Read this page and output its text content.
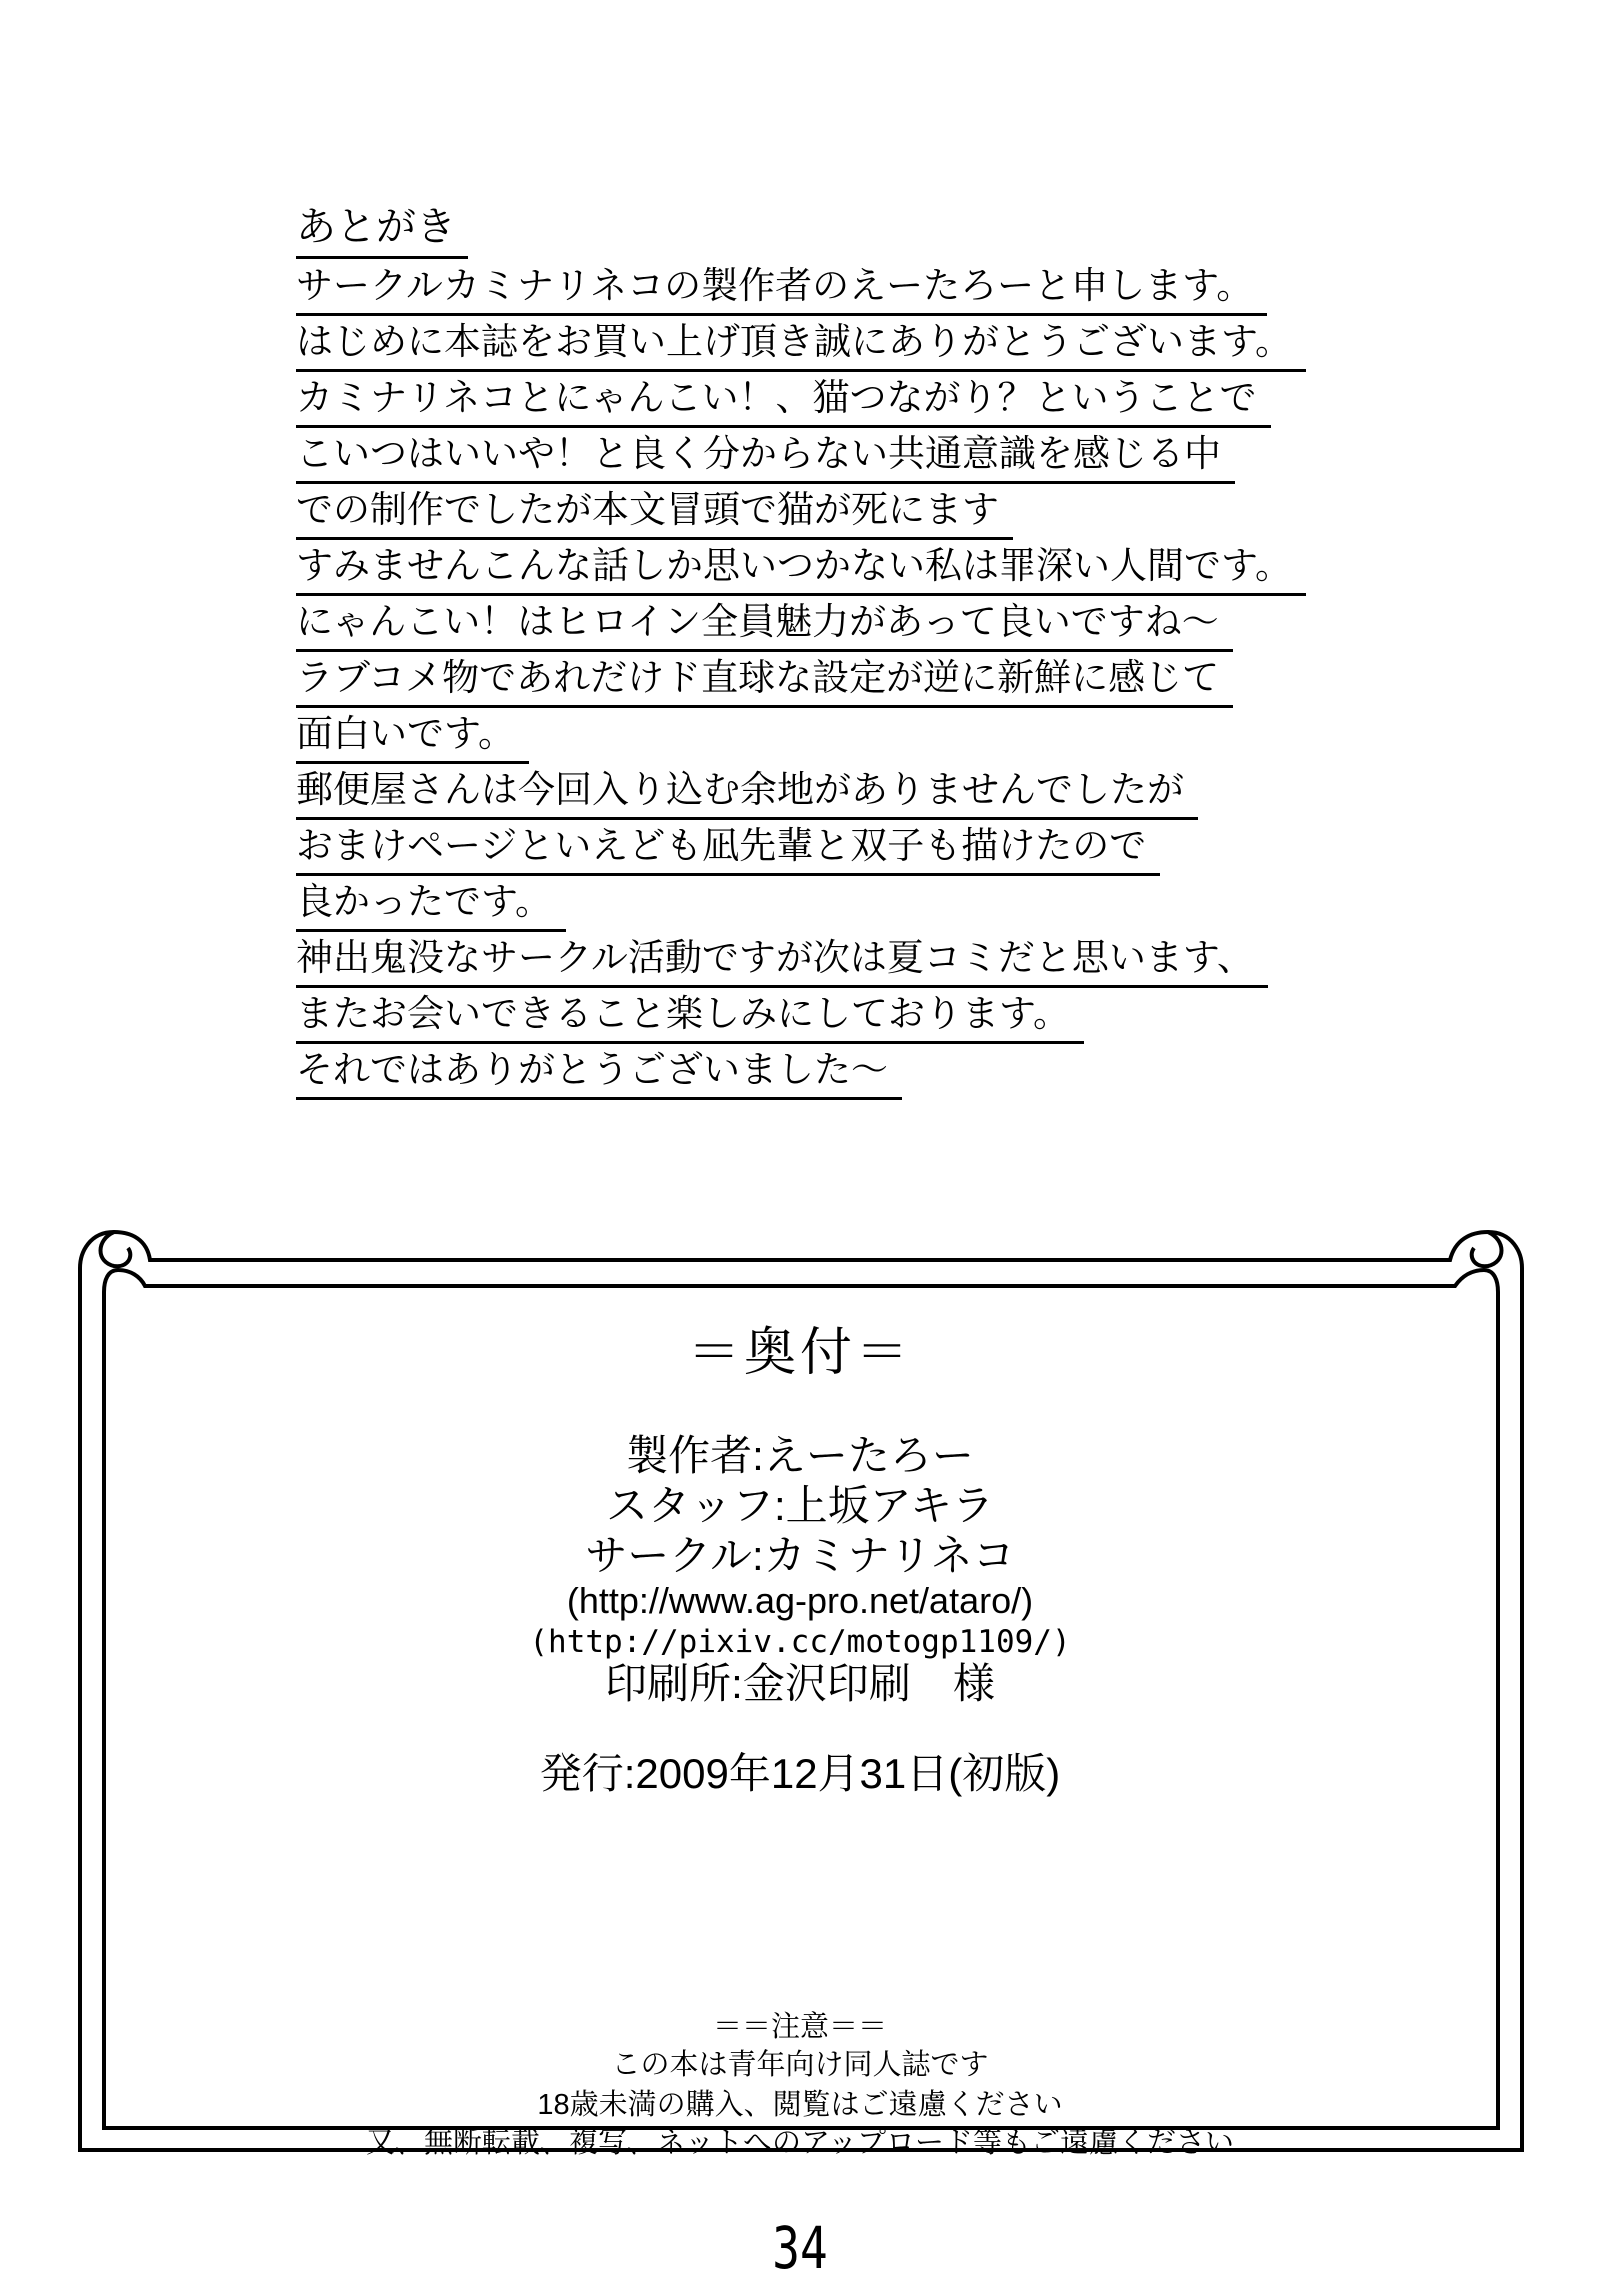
あとがき
サークルカミナリネコの製作者のえーたろーと申します。
はじめに本誌をお買い上げ頂き誠にありがとうございます。
カミナリネコとにゃんこい！、猫つながり？ということで
こいつはいいや！と良く分からない共通意識を感じる中
での制作でしたが本文冒頭で猫が死にます
すみませんこんな話しか思いつかない私は罪深い人間です。
にゃんこい！はヒロイン全員魅力があって良いですね～
ラブコメ物であれだけド直球な設定が逆に新鮮に感じて
面白いです。
郵便屋さんは今回入り込む余地がありませんでしたが
おまけページといえども凪先輩と双子も描けたので
良かったです。
神出鬼没なサークル活動ですが次は夏コミだと思います、
またお会いできること楽しみにしております。
それではありがとうございました～
＝奥付＝
製作者:えーたろー
スタッフ:上坂アキラ
サークル:カミナリネコ
(http://www.ag-pro.net/ataro/)
(http://pixiv.cc/motogp1109/)
印刷所:金沢印刷　様
発行:2009年12月31日(初版)
＝＝注意＝＝
この本は青年向け同人誌です
18歳未満の購入、閲覧はご遠慮ください
又、無断転載、複写、ネットへのアップロード等もご遠慮ください
34
